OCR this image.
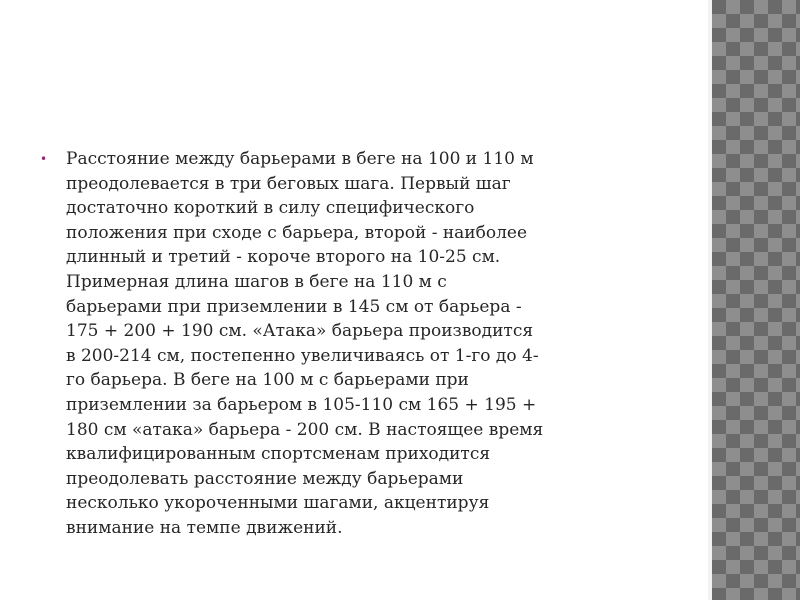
•	Расстояние между барьерами в беге на 100 и 110 м
преодолевается в три беговых шага. Первый шаг
достаточно короткий в силу специфического
положения при сходе с барьера, второй - наиболее
длинный и третий - короче второго на 10-25 см.
Примерная длина шагов в беге на 110 м с
барьерами при приземлении в 145 см от барьера -
175 + 200 + 190 см. «Атака» барьера производится
в 200-214 см, постепенно увеличиваясь от 1-го до 4-
го барьера. В беге на 100 м с барьерами при
приземлении за барьером в 105-110 см 165 + 195 +
180 см «атака» барьера - 200 см. В настоящее время
квалифицированным спортсменам приходится
преодолевать расстояние между барьерами
несколько укороченными шагами, акцентируя
внимание на темпе движений.
